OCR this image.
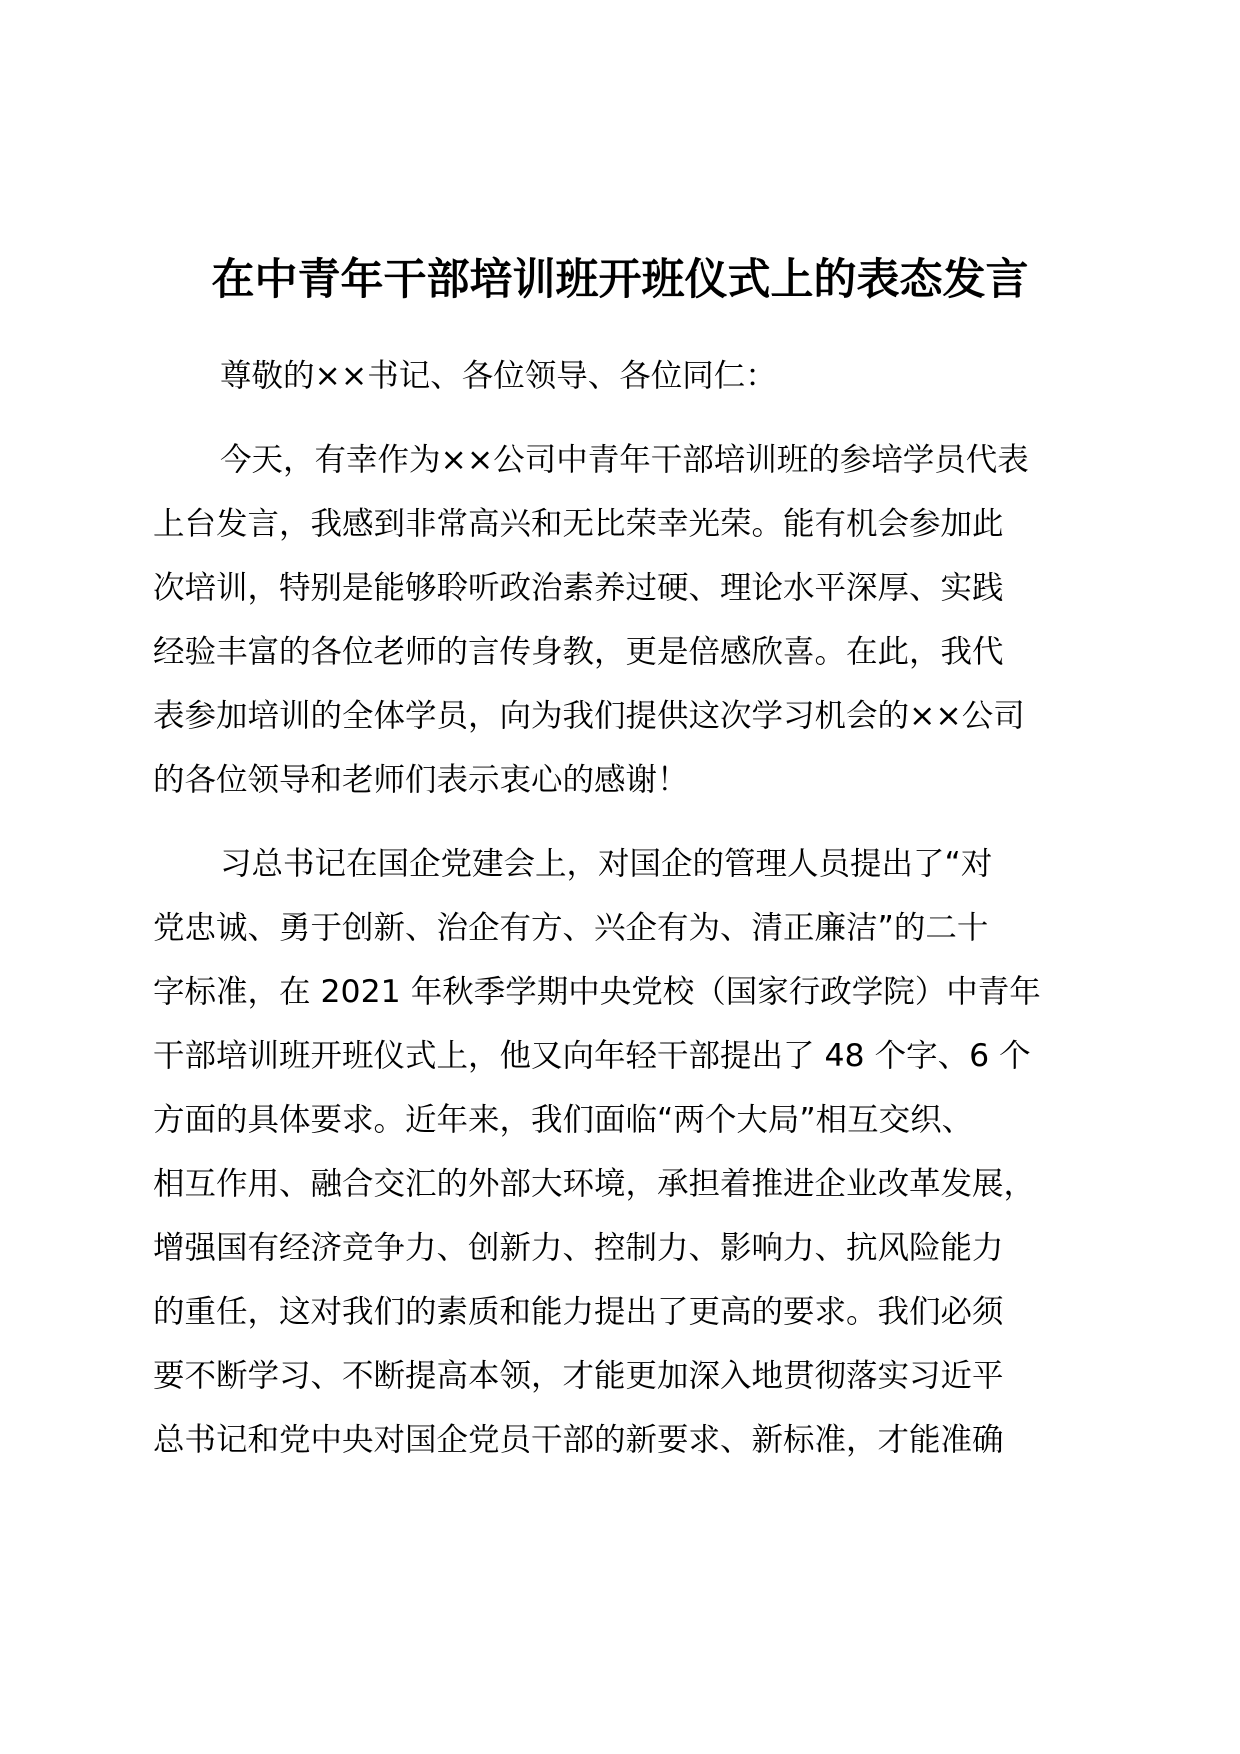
在中青年干部培训班开班仪式上的表态发言

尊敬的××书记、各位领导、各位同仁：

今天，有幸作为××公司中青年干部培训班的参培学员代表

上台发言，我感到非常高兴和无比荣幸光荣。能有机会参加此

次培训，特别是能够聆听政治素养过硬、理论水平深厚、实践

经验丰富的各位老师的言传身教，更是倍感欣喜。在此，我代

表参加培训的全体学员，向为我们提供这次学习机会的××公司

的各位领导和老师们表示衷心的感谢！

习总书记在国企党建会上，对国企的管理人员提出了“对

党忠诚、勇于创新、治企有方、兴企有为、清正廉洁”的二十

字标准，在 2021 年秋季学期中央党校（国家行政学院）中青年

干部培训班开班仪式上，他又向年轻干部提出了 48 个字、6 个

方面的具体要求。近年来，我们面临“两个大局”相互交织、

相互作用、融合交汇的外部大环境，承担着推进企业改革发展，

增强国有经济竞争力、创新力、控制力、影响力、抗风险能力

的重任，这对我们的素质和能力提出了更高的要求。我们必须

要不断学习、不断提高本领，才能更加深入地贯彻落实习近平

总书记和党中央对国企党员干部的新要求、新标准，才能准确
